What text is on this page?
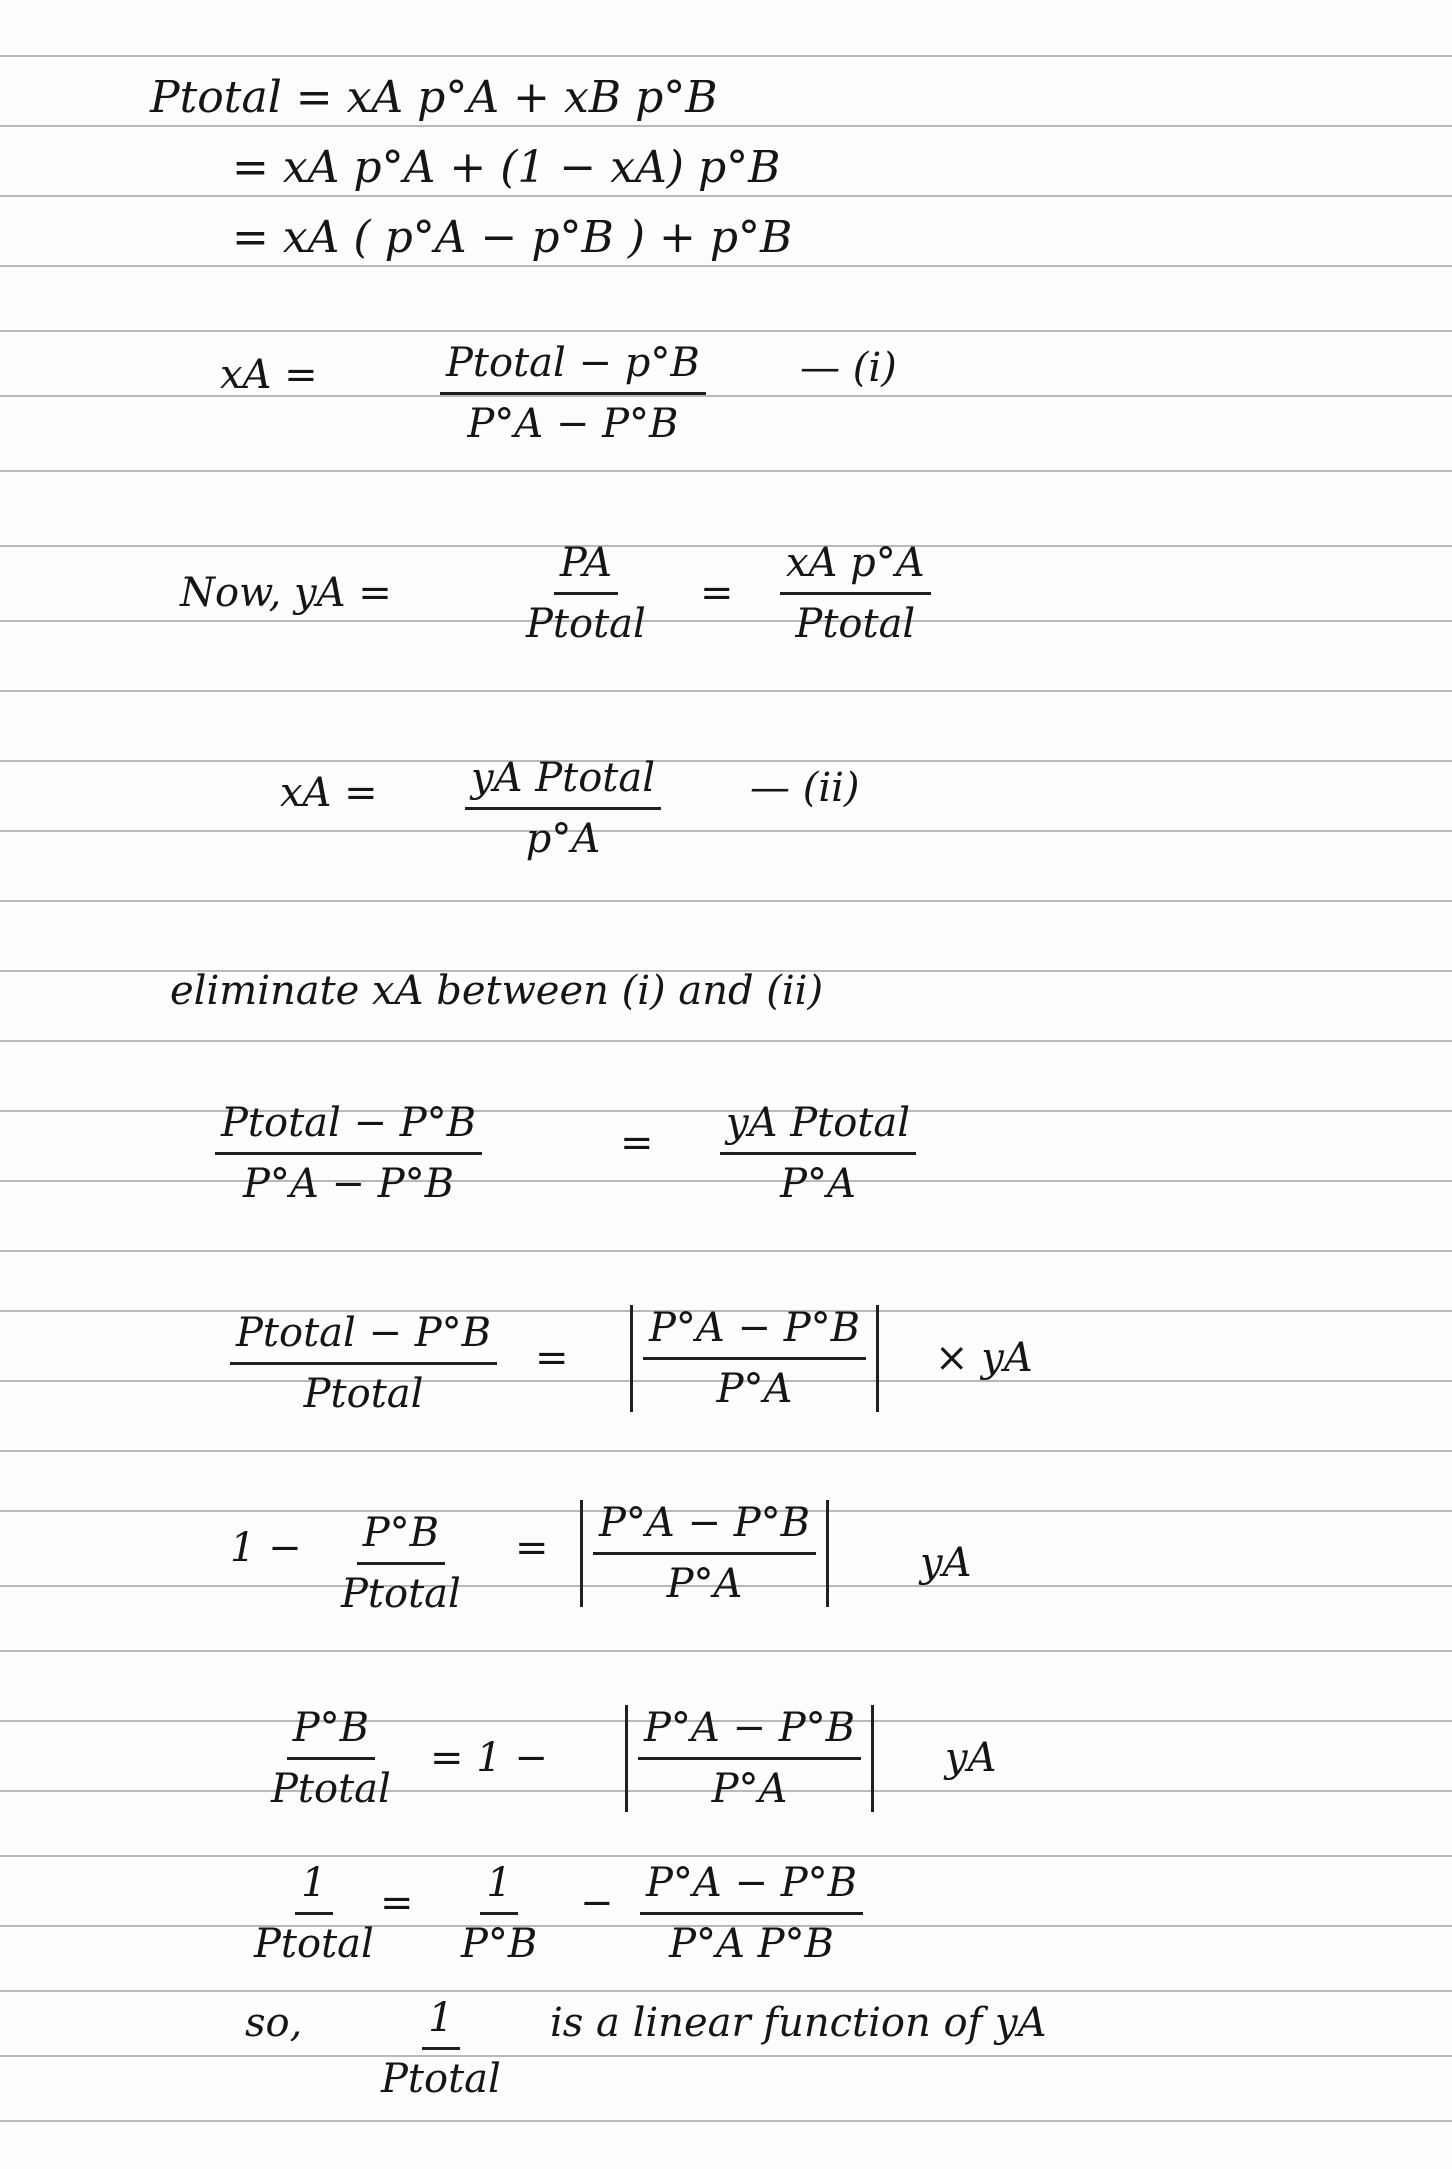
Ptotal = xA p°A + xB p°B
= xA p°A + (1 − xA) p°B
= xA ( p°A − p°B ) + p°B
xA =	Ptotal − p°B
P°A − P°B
— (i)
Now, yA =
PA
Ptotal
=
xA p°A
Ptotal
xA = yA Ptotal
p°A
— (ii)
eliminate xA between (i) and (ii)
Ptotal − P°B
P°A − P°B
= yA Ptotal
P°A
Ptotal − P°B
Ptotal
=
P°A − P°B
P°A
× yA
1 − P°B
Ptotal
=
P°A − P°B
P°A	yA
P°B
Ptotal
= 1 −
P°A − P°B
P°A
yA
1
Ptotal
= $\frac{1}{P^\circ B} - \frac{P^\circ A - P^\circ B}{\text{P°A P°B}}$
so,	1
Ptotal
is a linear function of yA
